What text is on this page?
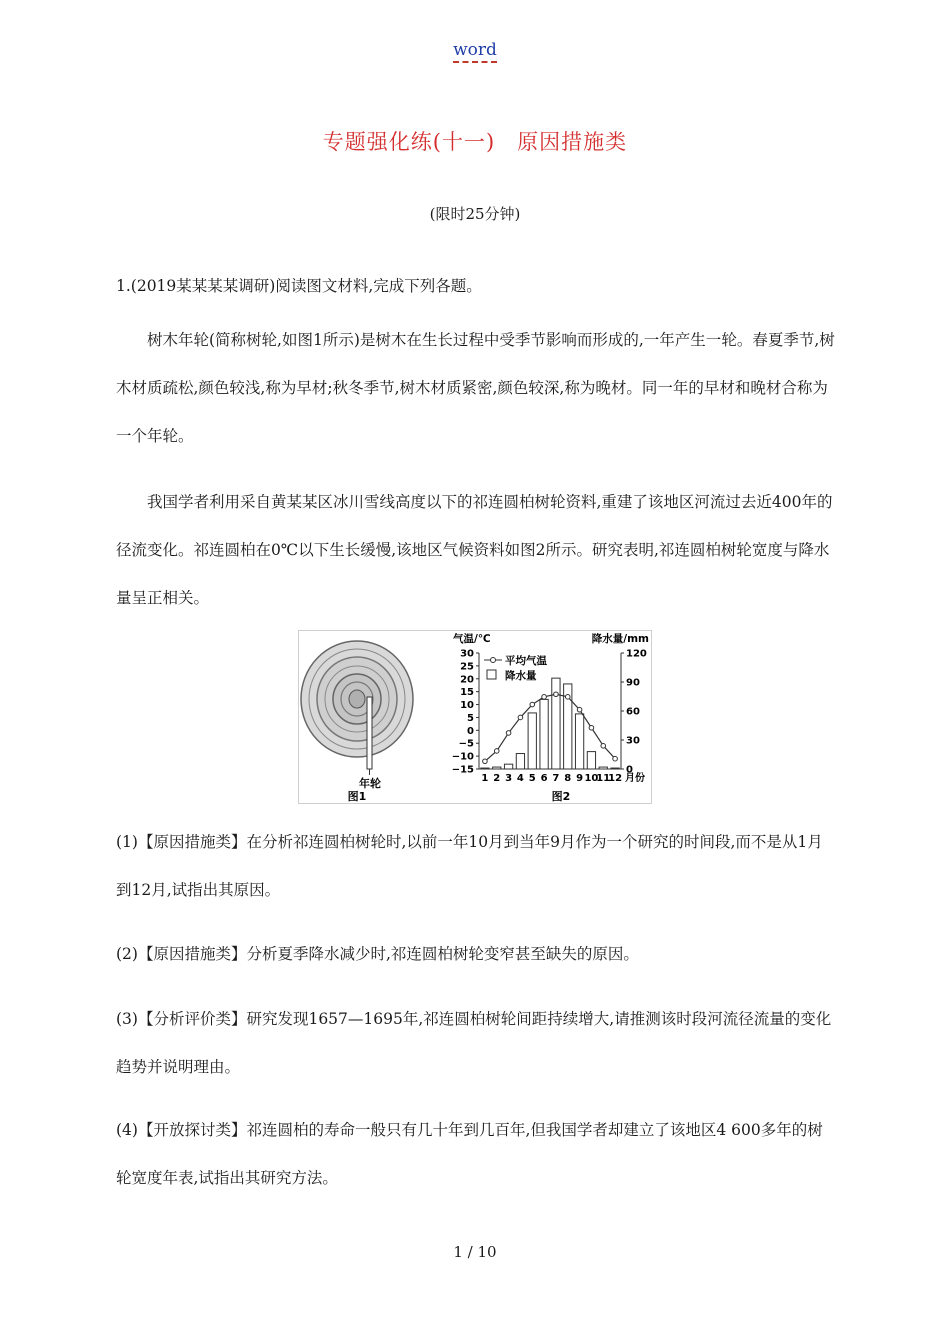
word
专题强化练(十一)　原因措施类
(限时25分钟)
1.(2019某某某某调研)阅读图文材料,完成下列各题。
树木年轮(简称树轮,如图1所示)是树木在生长过程中受季节影响而形成的,一年产生一轮。春夏季节,树木材质疏松,颜色较浅,称为早材;秋冬季节,树木材质紧密,颜色较深,称为晚材。同一年的早材和晚材合称为一个年轮。
我国学者利用采自黄某某区冰川雪线高度以下的祁连圆柏树轮资料,重建了该地区河流过去近400年的径流变化。祁连圆柏在0℃以下生长缓慢,该地区气候资料如图2所示。研究表明,祁连圆柏树轮宽度与降水量呈正相关。
年轮
图1
气温/℃	降水量/mm
平均气温
降水量
图2
30
25
20
15
10
5
0
−5
−10
−15
120
90
60
30
0
1 2 3 4 5 6 7 8 9 10
11
12 月份
(1)【原因措施类】在分析祁连圆柏树轮时,以前一年10月到当年9月作为一个研究的时间段,而不是从1月到12月,试指出其原因。
(2)【原因措施类】分析夏季降水减少时,祁连圆柏树轮变窄甚至缺失的原因。
(3)【分析评价类】研究发现1657—1695年,祁连圆柏树轮间距持续增大,请推测该时段河流径流量的变化趋势并说明理由。
(4)【开放探讨类】祁连圆柏的寿命一般只有几十年到几百年,但我国学者却建立了该地区4 600多年的树轮宽度年表,试指出其研究方法。
1 / 10
